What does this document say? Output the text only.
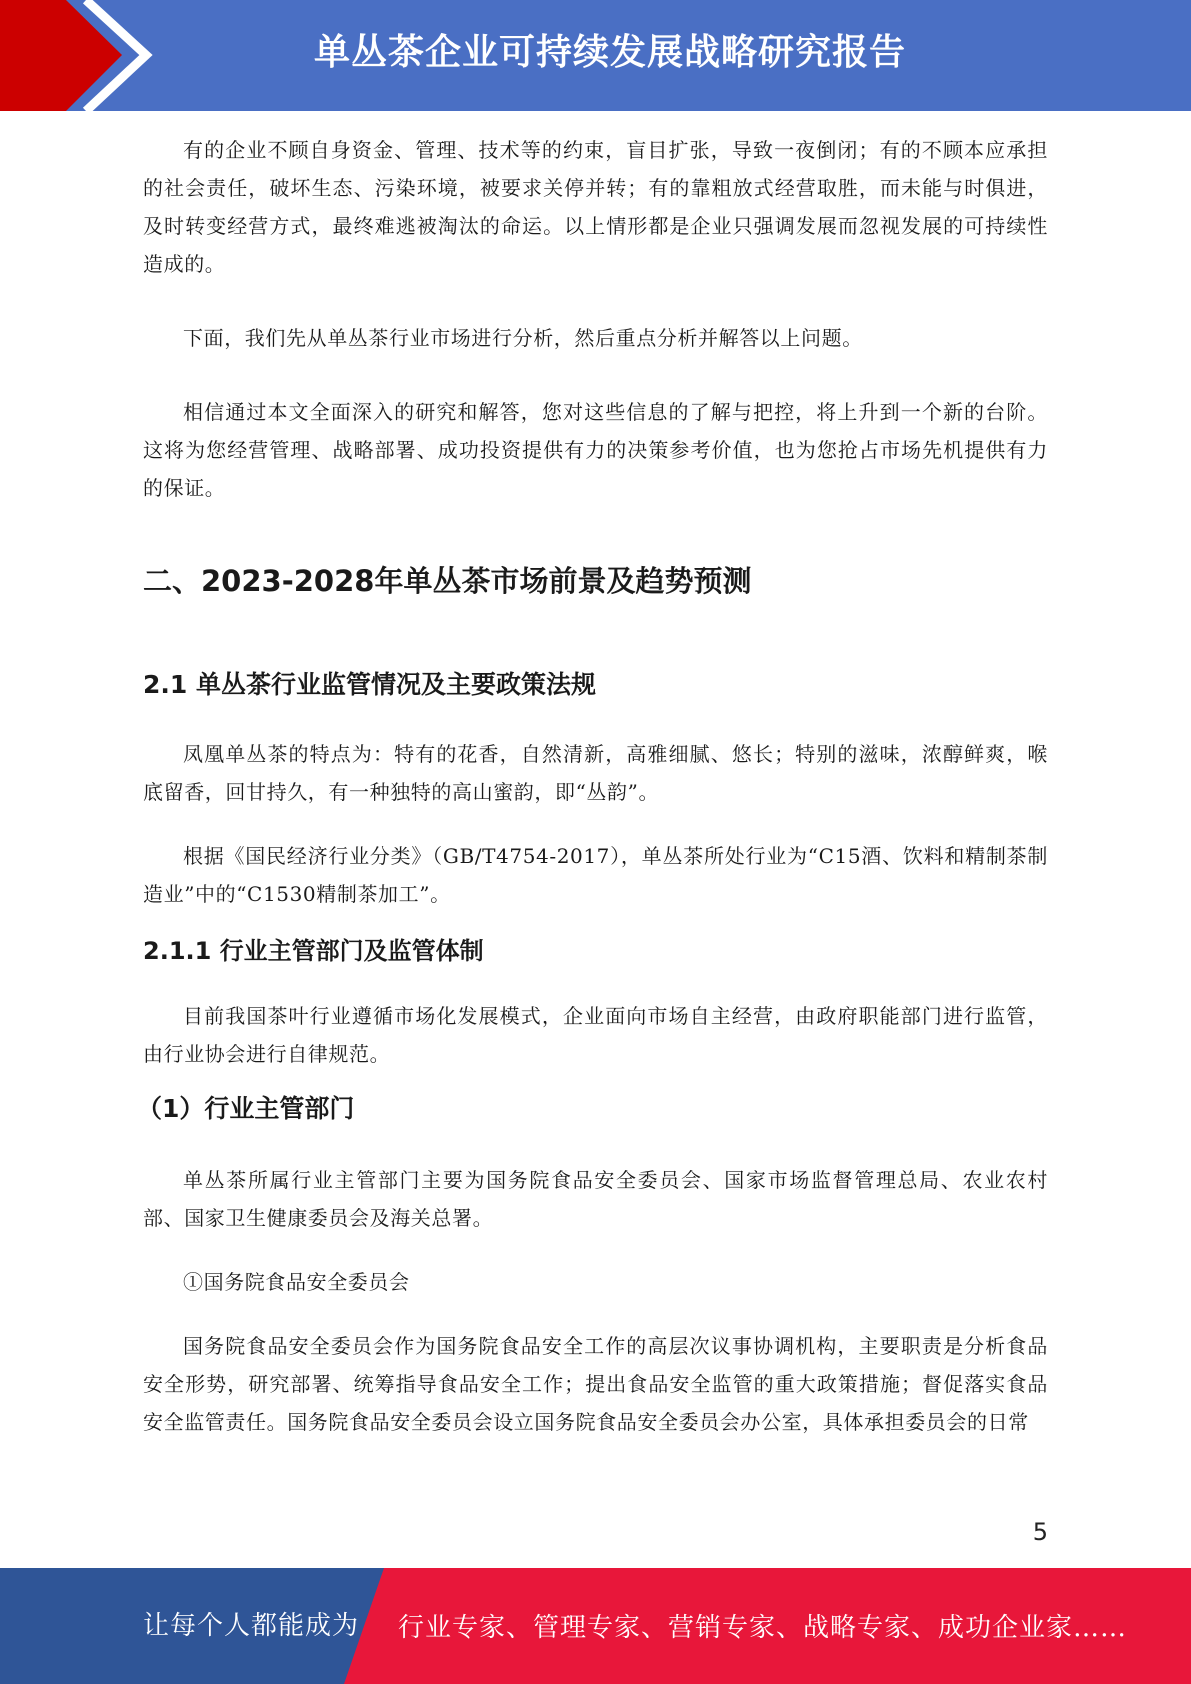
单丛茶企业可持续发展战略研究报告

有的企业不顾自身资金、管理、技术等的约束，盲目扩张，导致一夜倒闭；有的不顾本应承担的社会责任，破坏生态、污染环境，被要求关停并转；有的靠粗放式经营取胜，而未能与时俱进，及时转变经营方式，最终难逃被淘汰的命运。以上情形都是企业只强调发展而忽视发展的可持续性造成的。

下面，我们先从单丛茶行业市场进行分析，然后重点分析并解答以上问题。

相信通过本文全面深入的研究和解答，您对这些信息的了解与把控，将上升到一个新的台阶。这将为您经营管理、战略部署、成功投资提供有力的决策参考价值，也为您抢占市场先机提供有力的保证。

二、2023-2028年单丛茶市场前景及趋势预测
2.1 单丛茶行业监管情况及主要政策法规

凤凰单丛茶的特点为：特有的花香，自然清新，高雅细腻、悠长；特别的滋味，浓醇鲜爽，喉底留香，回甘持久，有一种独特的高山蜜韵，即“丛韵”。

根据《国民经济行业分类》（GB/T4754-2017），单丛茶所处行业为“C15酒、饮料和精制茶制造业”中的“C1530精制茶加工”。

2.1.1 行业主管部门及监管体制

目前我国茶叶行业遵循市场化发展模式，企业面向市场自主经营，由政府职能部门进行监管，由行业协会进行自律规范。

（1）行业主管部门

单丛茶所属行业主管部门主要为国务院食品安全委员会、国家市场监督管理总局、农业农村部、国家卫生健康委员会及海关总署。

①国务院食品安全委员会

国务院食品安全委员会作为国务院食品安全工作的高层次议事协调机构，主要职责是分析食品安全形势，研究部署、统筹指导食品安全工作；提出食品安全监管的重大政策措施；督促落实食品安全监管责任。国务院食品安全委员会设立国务院食品安全委员会办公室，具体承担委员会的日常

5
让每个人都能成为 行业专家、管理专家、营销专家、战略专家、成功企业家……
